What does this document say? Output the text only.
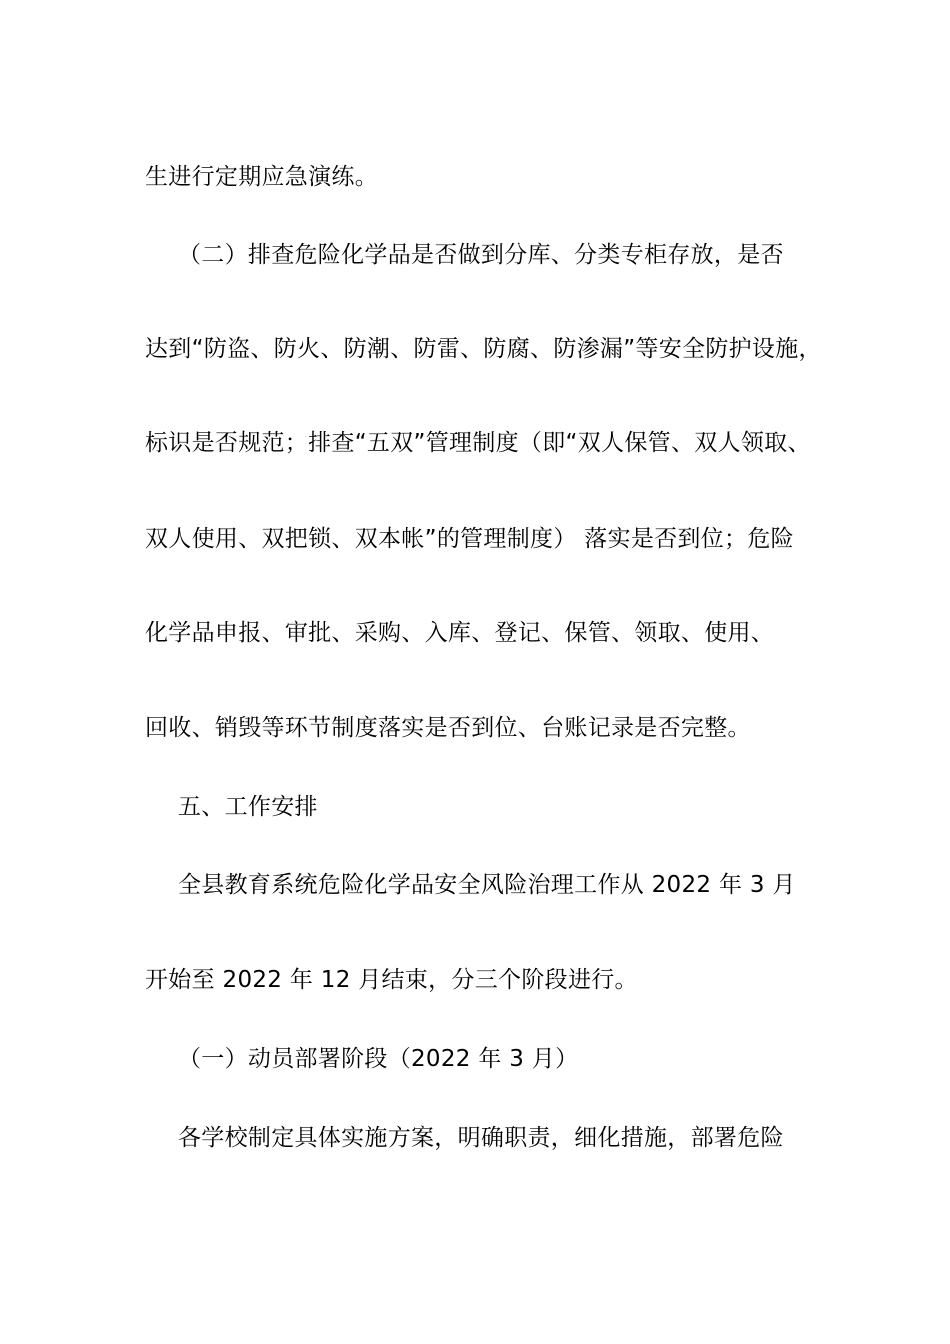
生进行定期应急演练。

（二）排查危险化学品是否做到分库、分类专柜存放，是否

达到“防盗、防火、防潮、防雷、防腐、防渗漏”等安全防护设施，

标识是否规范；排查“五双”管理制度（即“双人保管、双人领取、

双人使用、双把锁、双本帐”的管理制度） 落实是否到位；危险

化学品申报、审批、采购、入库、登记、保管、领取、使用、

回收、销毁等环节制度落实是否到位、台账记录是否完整。

五、工作安排

全县教育系统危险化学品安全风险治理工作从 2022 年 3 月

开始至 2022 年 12 月结束，分三个阶段进行。

（一）动员部署阶段（2022 年 3 月）

各学校制定具体实施方案，明确职责，细化措施，部署危险
